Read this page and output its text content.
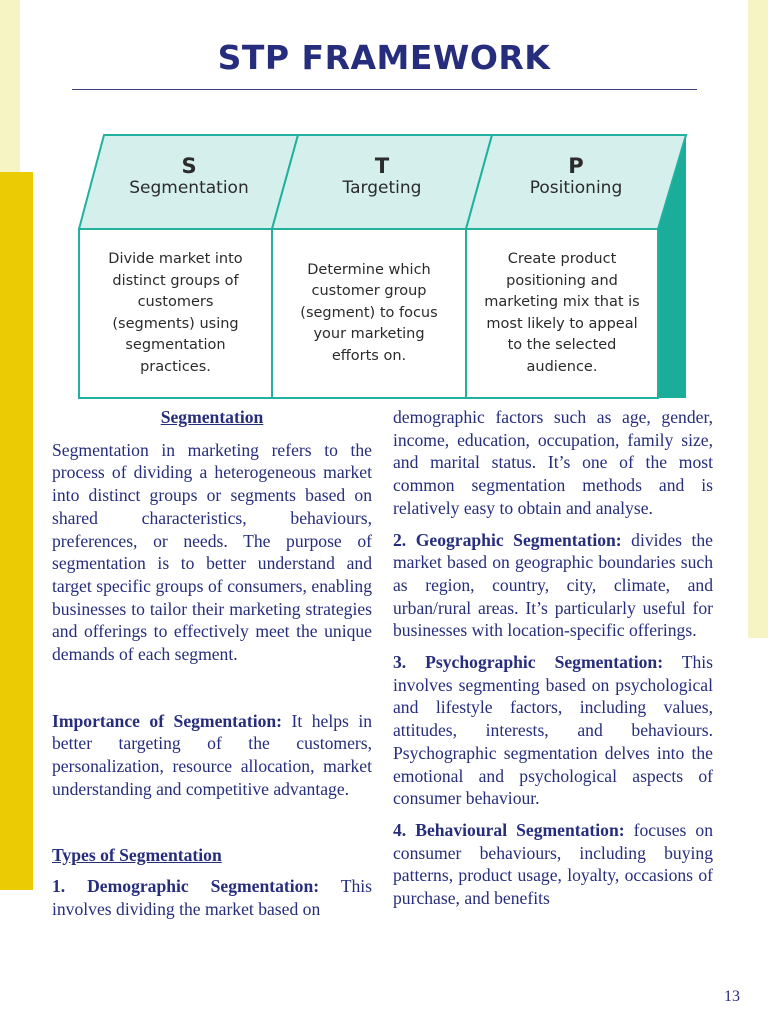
STP FRAMEWORK
S
Segmentation
T
Targeting
P
Positioning
Divide market into distinct groups of customers (segments) using segmentation practices.
Determine which customer group (segment) to focus your marketing efforts on.
Create product positioning and marketing mix that is most likely to appeal to the selected audience.

Segmentation

Segmentation in marketing refers to the process of dividing a heterogeneous market into distinct groups or segments based on shared characteristics, behaviours, preferences, or needs. The purpose of segmentation is to better understand and target specific groups of consumers, enabling businesses to tailor their marketing strategies and offerings to effectively meet the unique demands of each segment.

Importance of Segmentation: It helps in better targeting of the customers, personalization, resource allocation, market understanding and competitive advantage.

Types of Segmentation

1. Demographic Segmentation: This involves dividing the market based on

demographic factors such as age, gender, income, education, occupation, family size, and marital status. It’s one of the most common segmentation methods and is relatively easy to obtain and analyse.

2. Geographic Segmentation: divides the market based on geographic boundaries such as region, country, city, climate, and urban/rural areas. It’s particularly useful for businesses with location-specific offerings.

3. Psychographic Segmentation: This involves segmenting based on psychological and lifestyle factors, including values, attitudes, interests, and behaviours. Psychographic segmentation delves into the emotional and psychological aspects of consumer behaviour.

4. Behavioural Segmentation: focuses on consumer behaviours, including buying patterns, product usage, loyalty, occasions of purchase, and benefits

13
